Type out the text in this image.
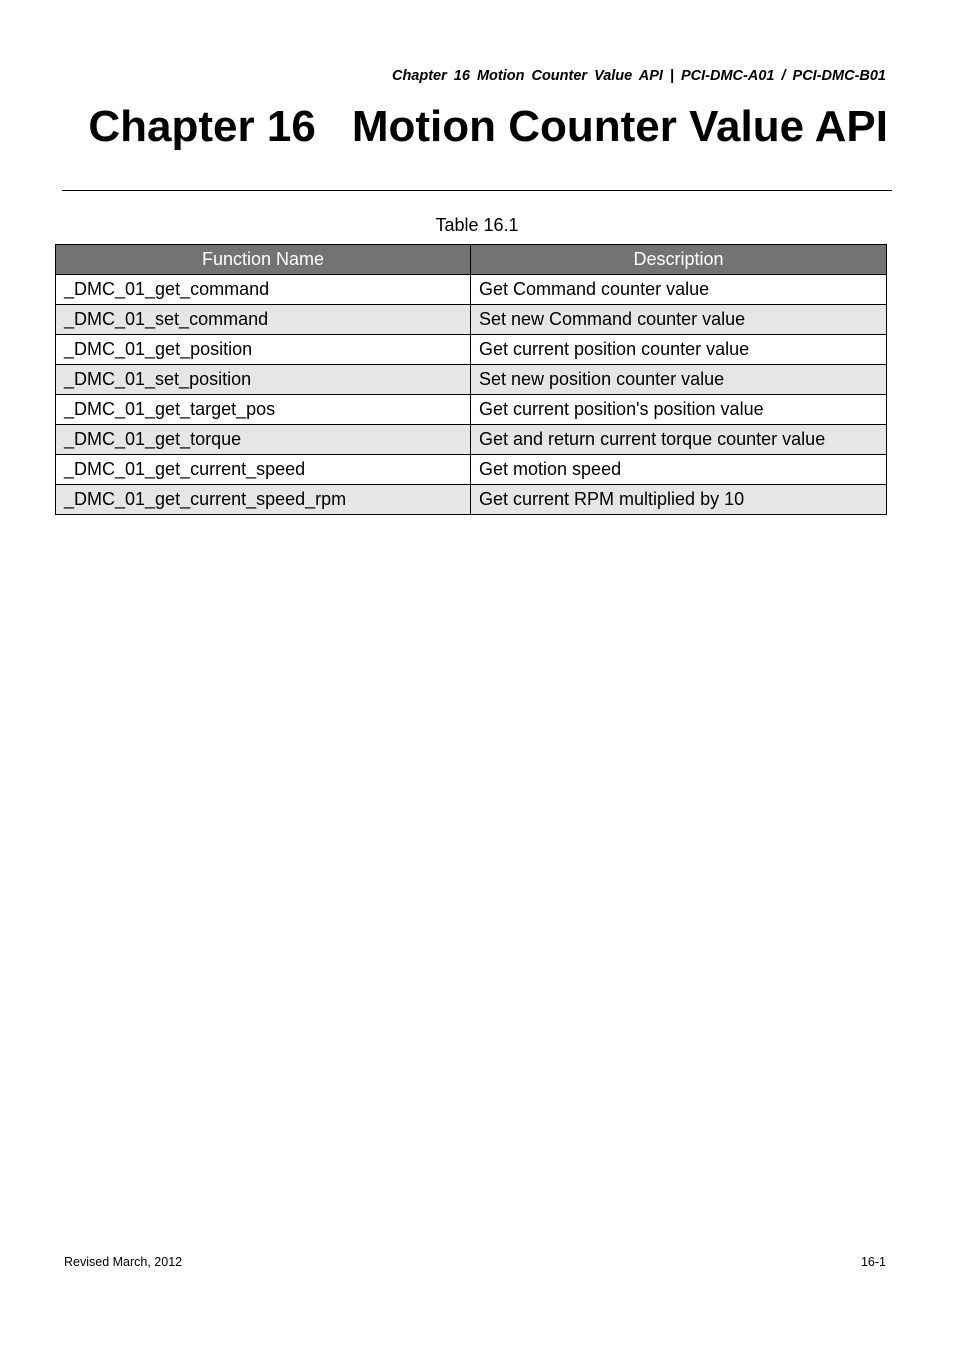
Chapter 16 Motion Counter Value API | PCI-DMC-A01 / PCI-DMC-B01
Chapter 16 Motion Counter Value API
Table 16.1
Function Name	Description
_DMC_01_get_command	Get Command counter value
_DMC_01_set_command	Set new Command counter value
_DMC_01_get_position	Get current position counter value
_DMC_01_set_position	Set new position counter value
_DMC_01_get_target_pos	Get current position's position value
_DMC_01_get_torque	Get and return current torque counter value
_DMC_01_get_current_speed	Get motion speed
_DMC_01_get_current_speed_rpm	Get current RPM multiplied by 10
Revised March, 2012	16-1
